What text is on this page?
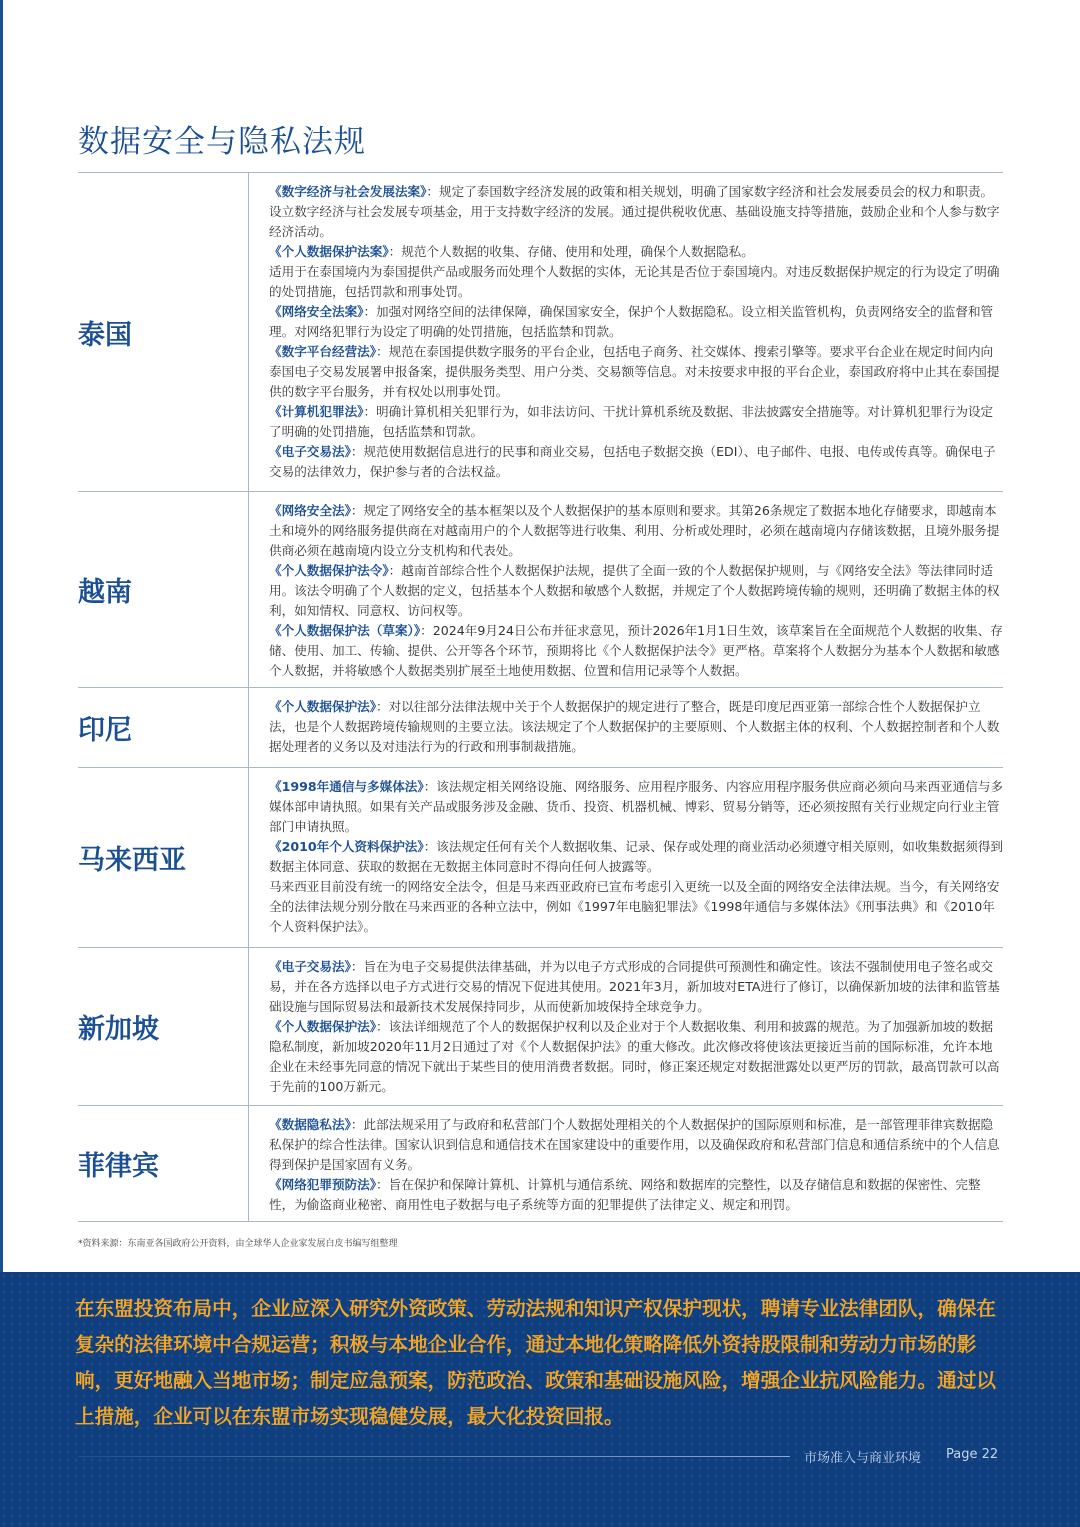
数据安全与隐私法规
泰国

《数字经济与社会发展法案》：规定了泰国数字经济发展的政策和相关规划，明确了国家数字经济和社会发展委员会的权力和职责。设立数字经济与社会发展专项基金，用于支持数字经济的发展。通过提供税收优惠、基础设施支持等措施，鼓励企业和个人参与数字经济活动。

《个人数据保护法案》：规范个人数据的收集、存储、使用和处理，确保个人数据隐私。

适用于在泰国境内为泰国提供产品或服务而处理个人数据的实体，无论其是否位于泰国境内。对违反数据保护规定的行为设定了明确的处罚措施，包括罚款和刑事处罚。

《网络安全法案》：加强对网络空间的法律保障，确保国家安全，保护个人数据隐私。设立相关监管机构，负责网络安全的监督和管理。对网络犯罪行为设定了明确的处罚措施，包括监禁和罚款。

《数字平台经营法》：规范在泰国提供数字服务的平台企业，包括电子商务、社交媒体、搜索引擎等。要求平台企业在规定时间内向泰国电子交易发展署申报备案，提供服务类型、用户分类、交易额等信息。对未按要求申报的平台企业，泰国政府将中止其在泰国提供的数字平台服务，并有权处以刑事处罚。

《计算机犯罪法》：明确计算机相关犯罪行为，如非法访问、干扰计算机系统及数据、非法披露安全措施等。对计算机犯罪行为设定了明确的处罚措施，包括监禁和罚款。

《电子交易法》：规范使用数据信息进行的民事和商业交易，包括电子数据交换（EDI）、电子邮件、电报、电传或传真等。确保电子交易的法律效力，保护参与者的合法权益。

越南

《网络安全法》：规定了网络安全的基本框架以及个人数据保护的基本原则和要求。其第26条规定了数据本地化存储要求，即越南本土和境外的网络服务提供商在对越南用户的个人数据等进行收集、利用、分析或处理时，必须在越南境内存储该数据，且境外服务提供商必须在越南境内设立分支机构和代表处。

《个人数据保护法令》：越南首部综合性个人数据保护法规，提供了全面一致的个人数据保护规则，与《网络安全法》等法律同时适用。该法令明确了个人数据的定义，包括基本个人数据和敏感个人数据，并规定了个人数据跨境传输的规则，还明确了数据主体的权利，如知情权、同意权、访问权等。

《个人数据保护法（草案）》：2024年9月24日公布并征求意见，预计2026年1月1日生效，该草案旨在全面规范个人数据的收集、存储、使用、加工、传输、提供、公开等各个环节，预期将比《个人数据保护法令》更严格。草案将个人数据分为基本个人数据和敏感个人数据，并将敏感个人数据类别扩展至土地使用数据、位置和信用记录等个人数据。

印尼

《个人数据保护法》：对以往部分法律法规中关于个人数据保护的规定进行了整合，既是印度尼西亚第一部综合性个人数据保护立法，也是个人数据跨境传输规则的主要立法。该法规定了个人数据保护的主要原则、个人数据主体的权利、个人数据控制者和个人数据处理者的义务以及对违法行为的行政和刑事制裁措施。

马来西亚

《1998年通信与多媒体法》：该法规定相关网络设施、网络服务、应用程序服务、内容应用程序服务供应商必须向马来西亚通信与多媒体部申请执照。如果有关产品或服务涉及金融、货币、投资、机器机械、博彩、贸易分销等，还必须按照有关行业规定向行业主管部门申请执照。

《2010年个人资料保护法》：该法规定任何有关个人数据收集、记录、保存或处理的商业活动必须遵守相关原则，如收集数据须得到数据主体同意、获取的数据在无数据主体同意时不得向任何人披露等。

马来西亚目前没有统一的网络安全法令，但是马来西亚政府已宣布考虑引入更统一以及全面的网络安全法律法规。当今，有关网络安全的法律法规分别分散在马来西亚的各种立法中，例如《1997年电脑犯罪法》《1998年通信与多媒体法》《刑事法典》和《2010年个人资料保护法》。

新加坡

《电子交易法》：旨在为电子交易提供法律基础，并为以电子方式形成的合同提供可预测性和确定性。该法不强制使用电子签名或交易，并在各方选择以电子方式进行交易的情况下促进其使用。2021年3月，新加坡对ETA进行了修订，以确保新加坡的法律和监管基础设施与国际贸易法和最新技术发展保持同步，从而使新加坡保持全球竞争力。

《个人数据保护法》：该法详细规范了个人的数据保护权利以及企业对于个人数据收集、利用和披露的规范。为了加强新加坡的数据隐私制度，新加坡2020年11月2日通过了对《个人数据保护法》的重大修改。此次修改将使该法更接近当前的国际标准，允许本地企业在未经事先同意的情况下就出于某些目的使用消费者数据。同时，修正案还规定对数据泄露处以更严厉的罚款，最高罚款可以高于先前的100万新元。

菲律宾

《数据隐私法》：此部法规采用了与政府和私营部门个人数据处理相关的个人数据保护的国际原则和标准，是一部管理菲律宾数据隐私保护的综合性法律。国家认识到信息和通信技术在国家建设中的重要作用，以及确保政府和私营部门信息和通信系统中的个人信息得到保护是国家固有义务。

《网络犯罪预防法》：旨在保护和保障计算机、计算机与通信系统、网络和数据库的完整性，以及存储信息和数据的保密性、完整性，为偷盗商业秘密、商用性电子数据与电子系统等方面的犯罪提供了法律定义、规定和刑罚。

*资料来源：东南亚各国政府公开资料，由全球华人企业家发展白皮书编写组整理

在东盟投资布局中，企业应深入研究外资政策、劳动法规和知识产权保护现状，聘请专业法律团队，确保在复杂的法律环境中合规运营；积极与本地企业合作，通过本地化策略降低外资持股限制和劳动力市场的影响，更好地融入当地市场；制定应急预案，防范政治、政策和基础设施风险，增强企业抗风险能力。通过以上措施，企业可以在东盟市场实现稳健发展，最大化投资回报。

市场准入与商业环境 Page 22
